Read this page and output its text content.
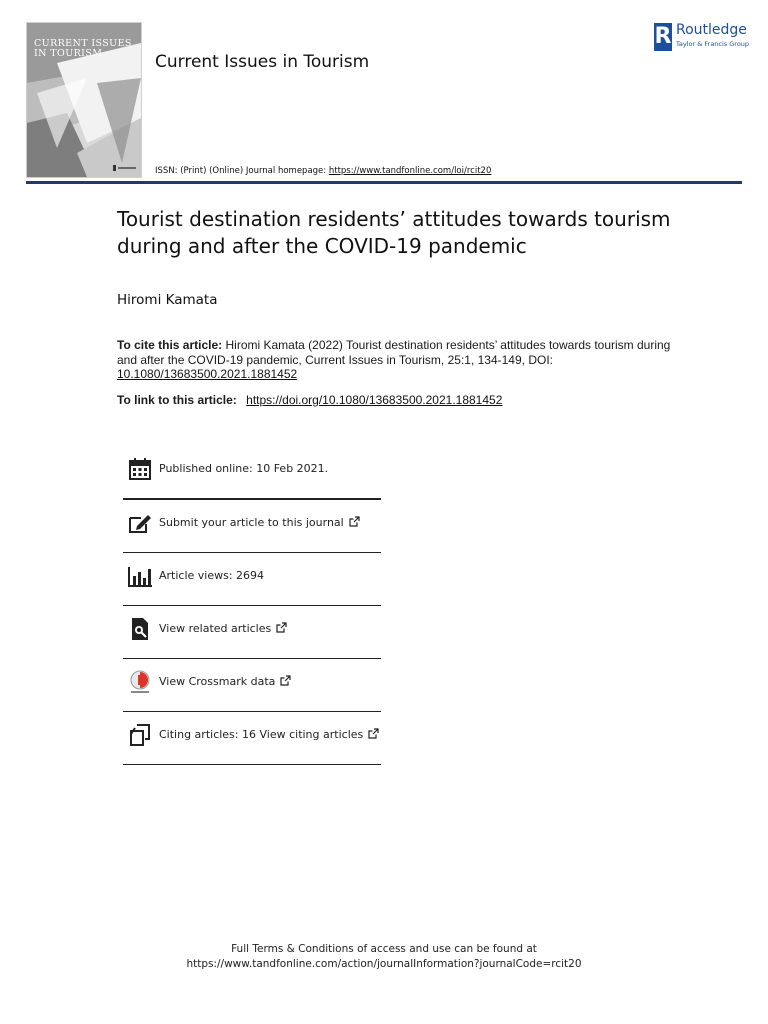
CURRENT ISSUES IN TOURISM	Current Issues in Tourism
R Routledge
Taylor & Francis Group
ISSN: (Print) (Online) Journal homepage: https://www.tandfonline.com/loi/rcit20
Tourist destination residents’ attitudes towards tourism during and after the COVID-19 pandemic
Hiromi Kamata
To cite this article: Hiromi Kamata (2022) Tourist destination residents’ attitudes towards tourism during and after the COVID-19 pandemic, Current Issues in Tourism, 25:1, 134-149, DOI: 10.1080/13683500.2021.1881452
To link to this article: https://doi.org/10.1080/13683500.2021.1881452
Published online: 10 Feb 2021.
Submit your article to this journal
Article views: 2694
View related articles
View Crossmark data
Citing articles: 16 View citing articles
Full Terms & Conditions of access and use can be found at
https://www.tandfonline.com/action/journalInformation?journalCode=rcit20
